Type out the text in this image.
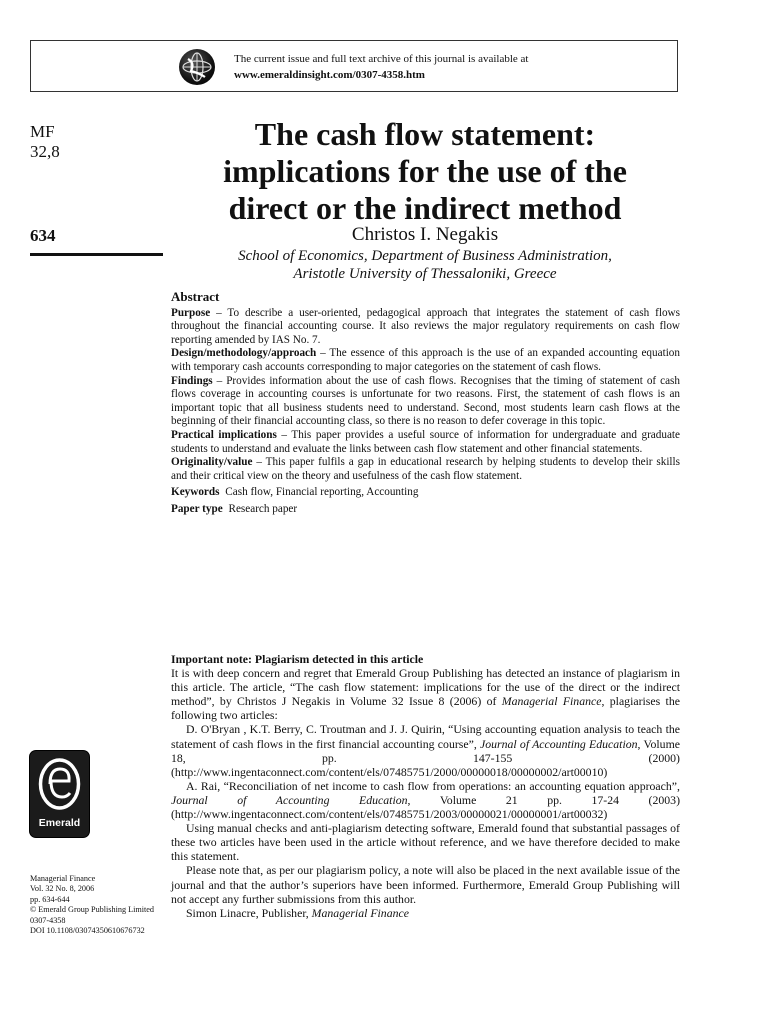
The current issue and full text archive of this journal is available at
www.emeraldinsight.com/0307-4358.htm
MF
32,8
634
The cash flow statement:
implications for the use of the
direct or the indirect method
Christos I. Negakis
School of Economics, Department of Business Administration,
Aristotle University of Thessaloniki, Greece
Abstract
Purpose – To describe a user-oriented, pedagogical approach that integrates the statement of cash flows throughout the financial accounting course. It also reviews the major regulatory requirements on cash flow reporting amended by IAS No. 7.
Design/methodology/approach – The essence of this approach is the use of an expanded accounting equation with temporary cash accounts corresponding to major categories on the statement of cash flows.
Findings – Provides information about the use of cash flows. Recognises that the timing of statement of cash flows coverage in accounting courses is unfortunate for two reasons. First, the statement of cash flows is an important topic that all business students need to understand. Second, most students learn cash flows at the beginning of their financial accounting class, so there is no reason to defer coverage in this topic.
Practical implications – This paper provides a useful source of information for undergraduate and graduate students to understand and evaluate the links between cash flow statement and other financial statements.
Originality/value – This paper fulfils a gap in educational research by helping students to develop their skills and their critical view on the theory and usefulness of the cash flow statement.
Keywords Cash flow, Financial reporting, Accounting
Paper type Research paper
Important note: Plagiarism detected in this article
It is with deep concern and regret that Emerald Group Publishing has detected an instance of plagiarism in this article. The article, “The cash flow statement: implications for the use of the direct or the indirect method”, by Christos J Negakis in Volume 32 Issue 8 (2006) of Managerial Finance, plagiarises the following two articles:
D. O'Bryan , K.T. Berry, C. Troutman and J. J. Quirin, “Using accounting equation analysis to teach the statement of cash flows in the first financial accounting course”, Journal of Accounting Education, Volume 18, pp. 147-155 (2000) (http://www.ingentaconnect.com/content/els/07485751/2000/00000018/00000002/art00010)
A. Rai, “Reconciliation of net income to cash flow from operations: an accounting equation approach”, Journal of Accounting Education, Volume 21 pp. 17-24 (2003) (http://www.ingentaconnect.com/content/els/07485751/2003/00000021/00000001/art00032)
Using manual checks and anti-plagiarism detecting software, Emerald found that substantial passages of these two articles have been used in the article without reference, and we have therefore decided to make this statement.
Please note that, as per our plagiarism policy, a note will also be placed in the next available issue of the journal and that the author’s superiors have been informed. Furthermore, Emerald Group Publishing will not accept any further submissions from this author.
Simon Linacre, Publisher, Managerial Finance
Emerald
Managerial Finance
Vol. 32 No. 8, 2006
pp. 634-644
© Emerald Group Publishing Limited
0307-4358
DOI 10.1108/03074350610676732
